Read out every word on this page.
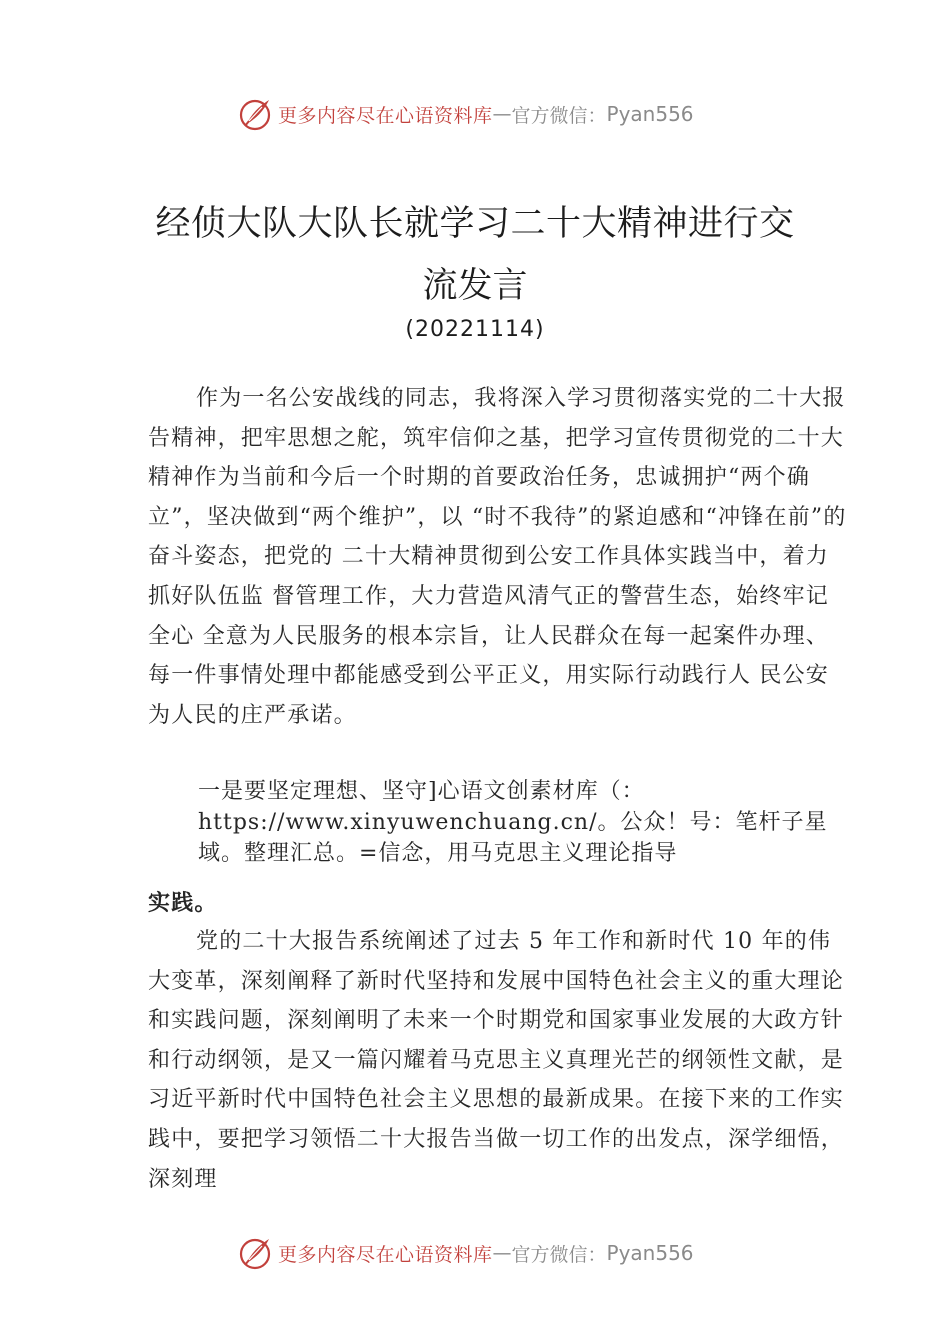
更多内容尽在心语资料库 — 官方微信： Pyan556
经侦大队大队长就学习二十大精神进行交
流发言
(20221114)

作为一名公安战线的同志，我将深入学习贯彻落实党的二十大报告精神，把牢思想之舵，筑牢信仰之基，把学习宣传贯彻党的二十大精神作为当前和今后一个时期的首要政治任务，忠诚拥护“两个确立”，坚决做到“两个维护”，以 “时不我待”的紧迫感和“冲锋在前”的奋斗姿态，把党的 二十大精神贯彻到公安工作具体实践当中，着力抓好队伍监 督管理工作，大力营造风清气正的警营生态，始终牢记全心 全意为人民服务的根本宗旨，让人民群众在每一起案件办理、每一件事情处理中都能感受到公平正义，用实际行动践行人 民公安为人民的庄严承诺。

一是要坚定理想、坚守]心语文创素材库（：https://www.xinyuwenchuang.cn/。公众！号：笔杆子星域。整理汇总。=信念，用马克思主义理论指导

实践。

党的二十大报告系统阐述了过去 5 年工作和新时代 10 年的伟大变革，深刻阐释了新时代坚持和发展中国特色社会主义的重大理论和实践问题，深刻阐明了未来一个时期党和国家事业发展的大政方针和行动纲领，是又一篇闪耀着马克思主义真理光芒的纲领性文献，是习近平新时代中国特色社会主义思想的最新成果。在接下来的工作实践中，要把学习领悟二十大报告当做一切工作的出发点，深学细悟，深刻理

更多内容尽在心语资料库 — 官方微信： Pyan556
